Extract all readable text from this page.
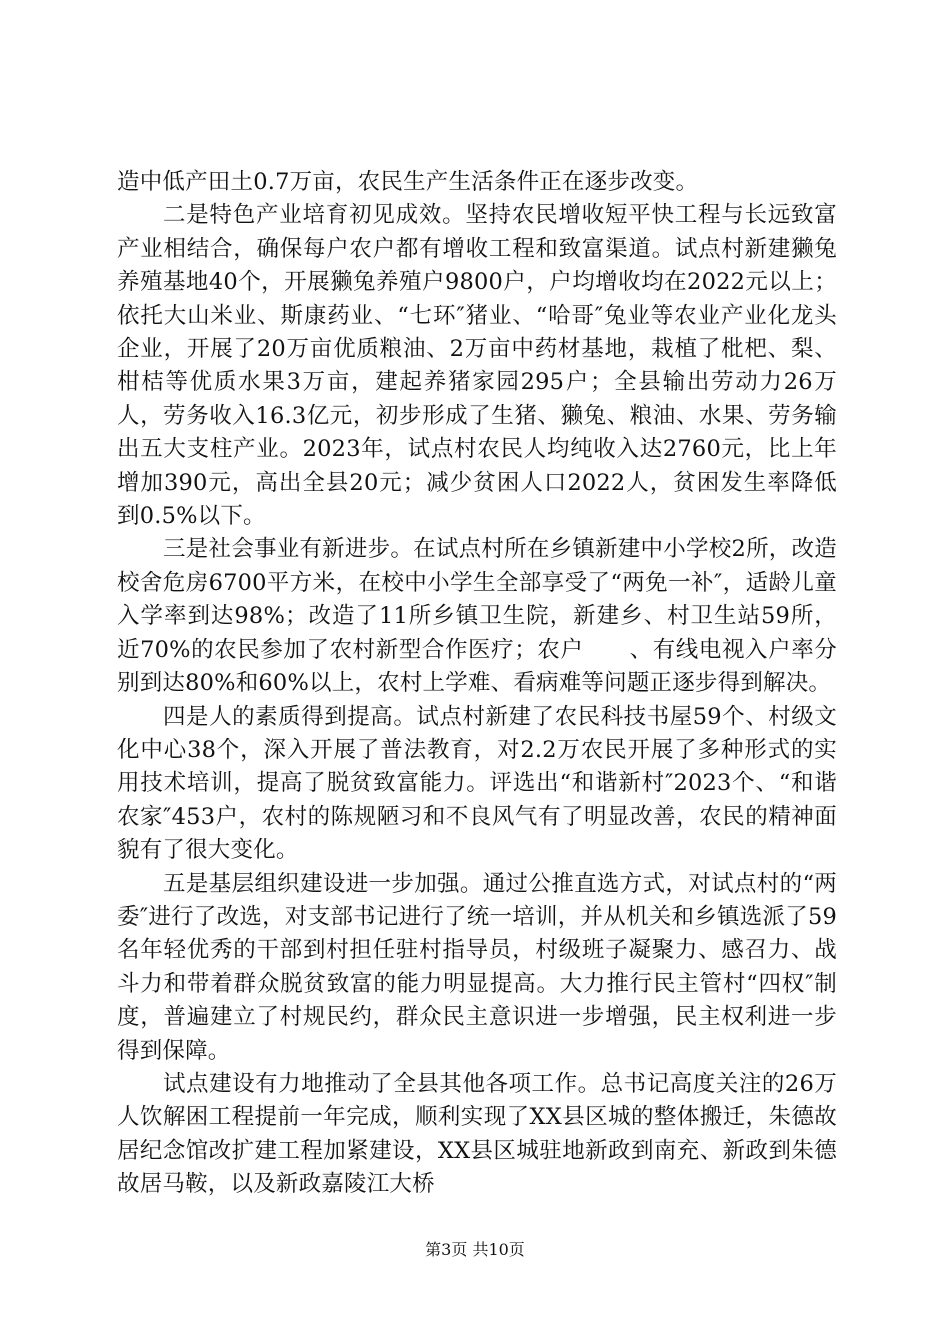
造中低产田土0.7万亩，农民生产生活条件正在逐步改变。

二是特色产业培育初见成效。坚持农民增收短平快工程与长远致富产业相结合，确保每户农户都有增收工程和致富渠道。试点村新建獭兔养殖基地40个，开展獭兔养殖户9800户，户均增收均在2022元以上；依托大山米业、斯康药业、“七环″猪业、“哈哥″兔业等农业产业化龙头企业，开展了20万亩优质粮油、2万亩中药材基地，栽植了枇杷、梨、柑桔等优质水果3万亩，建起养猪家园295户；全县输出劳动力26万人，劳务收入16.3亿元，初步形成了生猪、獭兔、粮油、水果、劳务输出五大支柱产业。2023年，试点村农民人均纯收入达2760元，比上年增加390元，高出全县20元；减少贫困人口2022人，贫困发生率降低到0.5%以下。

三是社会事业有新进步。在试点村所在乡镇新建中小学校2所，改造校舍危房6700平方米，在校中小学生全部享受了“两免一补″，适龄儿童入学率到达98%；改造了11所乡镇卫生院，新建乡、村卫生站59所，近70%的农民参加了农村新型合作医疗；农户　　、有线电视入户率分别到达80%和60%以上，农村上学难、看病难等问题正逐步得到解决。

四是人的素质得到提高。试点村新建了农民科技书屋59个、村级文化中心38个，深入开展了普法教育，对2.2万农民开展了多种形式的实用技术培训，提高了脱贫致富能力。评选出“和谐新村″2023个、“和谐农家″453户，农村的陈规陋习和不良风气有了明显改善，农民的精神面貌有了很大变化。

五是基层组织建设进一步加强。通过公推直选方式，对试点村的“两委″进行了改选，对支部书记进行了统一培训，并从机关和乡镇选派了59名年轻优秀的干部到村担任驻村指导员，村级班子凝聚力、感召力、战斗力和带着群众脱贫致富的能力明显提高。大力推行民主管村“四权″制度，普遍建立了村规民约，群众民主意识进一步增强，民主权利进一步得到保障。

试点建设有力地推动了全县其他各项工作。总书记高度关注的26万人饮解困工程提前一年完成，顺利实现了XX县区城的整体搬迁，朱德故居纪念馆改扩建工程加紧建设，XX县区城驻地新政到南充、新政到朱德故居马鞍，以及新政嘉陵江大桥

第3页 共10页
